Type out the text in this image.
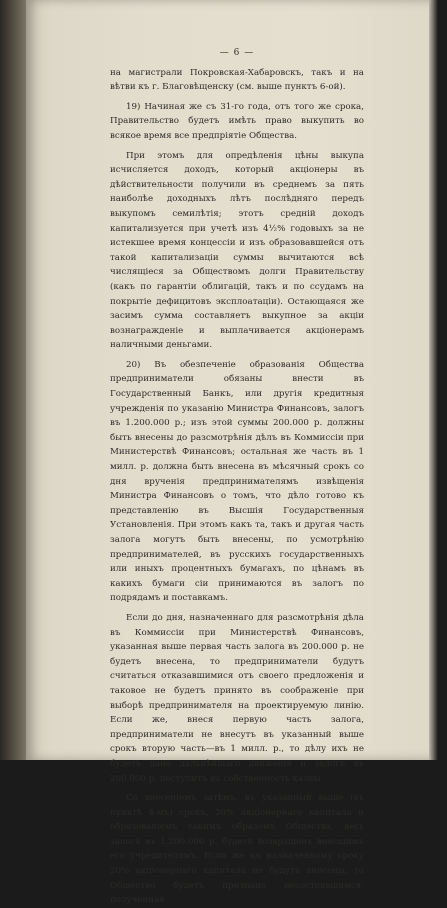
— 6 —

на магистрали Покровская-Хабаровскъ, такъ и на вѣтви къ г. Благовѣщенску (см. выше пунктъ 6-ой).

19) Начиная же съ 31-го года, отъ того же срока, Правительство будетъ имѣть право выкупить во всякое время все предпріятіе Общества.

При этомъ для опредѣленія цѣны выкупа исчисляется доходъ, который акціонеры въ дѣйствительности получили въ среднемъ за пять наиболѣе доходныхъ лѣтъ послѣдняго передъ выкупомъ семилѣтія; этотъ средній доходъ капитализуется при учетѣ изъ 4½% годовыхъ за не истекшее время концессіи и изъ образовавшейся отъ такой капитализаціи суммы вычитаются всѣ числящіеся за Обществомъ долги Правительству (какъ по гарантіи облигацій, такъ и по ссудамъ на покрытіе дефицитовъ эксплоатаціи). Остающаяся же засимъ сумма составляетъ выкупное за акціи вознагражденіе и выплачивается акціонерамъ наличными деньгами.

20) Въ обезпеченіе образованія Общества предприниматели обязаны внести въ Государственный Банкъ, или другія кредитныя учрежденія по указанію Министра Финансовъ, залогъ въ 1.200.000 р.; изъ этой суммы 200.000 р. должны быть внесены до разсмотрѣнія дѣлъ въ Коммиссіи при Министерствѣ Финансовъ; остальная же часть въ 1 милл. р. должна быть внесена въ мѣсячный срокъ со дня врученія предпринимателямъ извѣщенія Министра Финансовъ о томъ, что дѣло готово къ представленію въ Высшія Государственныя Установленія. При этомъ какъ та, такъ и другая часть залога могутъ быть внесены, по усмотрѣнію предпринимателей, въ русскихъ государственныхъ или иныхъ процентныхъ бумагахъ, по цѣнамъ въ какихъ бумаги сіи принимаются въ залогъ по подрядамъ и поставкамъ.

Если до дня, назначеннаго для разсмотрѣнія дѣла въ Коммиссіи при Министерствѣ Финансовъ, указанная выше первая часть залога въ 200.000 р. не будетъ внесена, то предприниматели будутъ считаться отказавшимися отъ своего предложенія и таковое не будетъ принято въ соображеніе при выборѣ предпринимателя на проектируемую линію. Если же, внеся первую часть залога, предприниматели не внесутъ въ указанный выше срокъ вторую часть—въ 1 милл. р., то дѣлу ихъ не будетъ дано дальнѣйшаго движенія и залогъ въ 200.000 р. поступитъ въ собственность казны.

Со внесеніемъ затѣмъ, въ указанный выше (въ пунктѣ 4-мъ) срокъ, 20% акціонернаго капитала и образованіемъ такимъ образомъ Общества, весь залогъ въ 1.200.000 р. будетъ возвращенъ внесшимъ его учредителямъ. Если же къ назначенному сроку 20% акціонернаго капитала не будутъ внесены, то Общество будетъ признано несостоявшимся, полученная
